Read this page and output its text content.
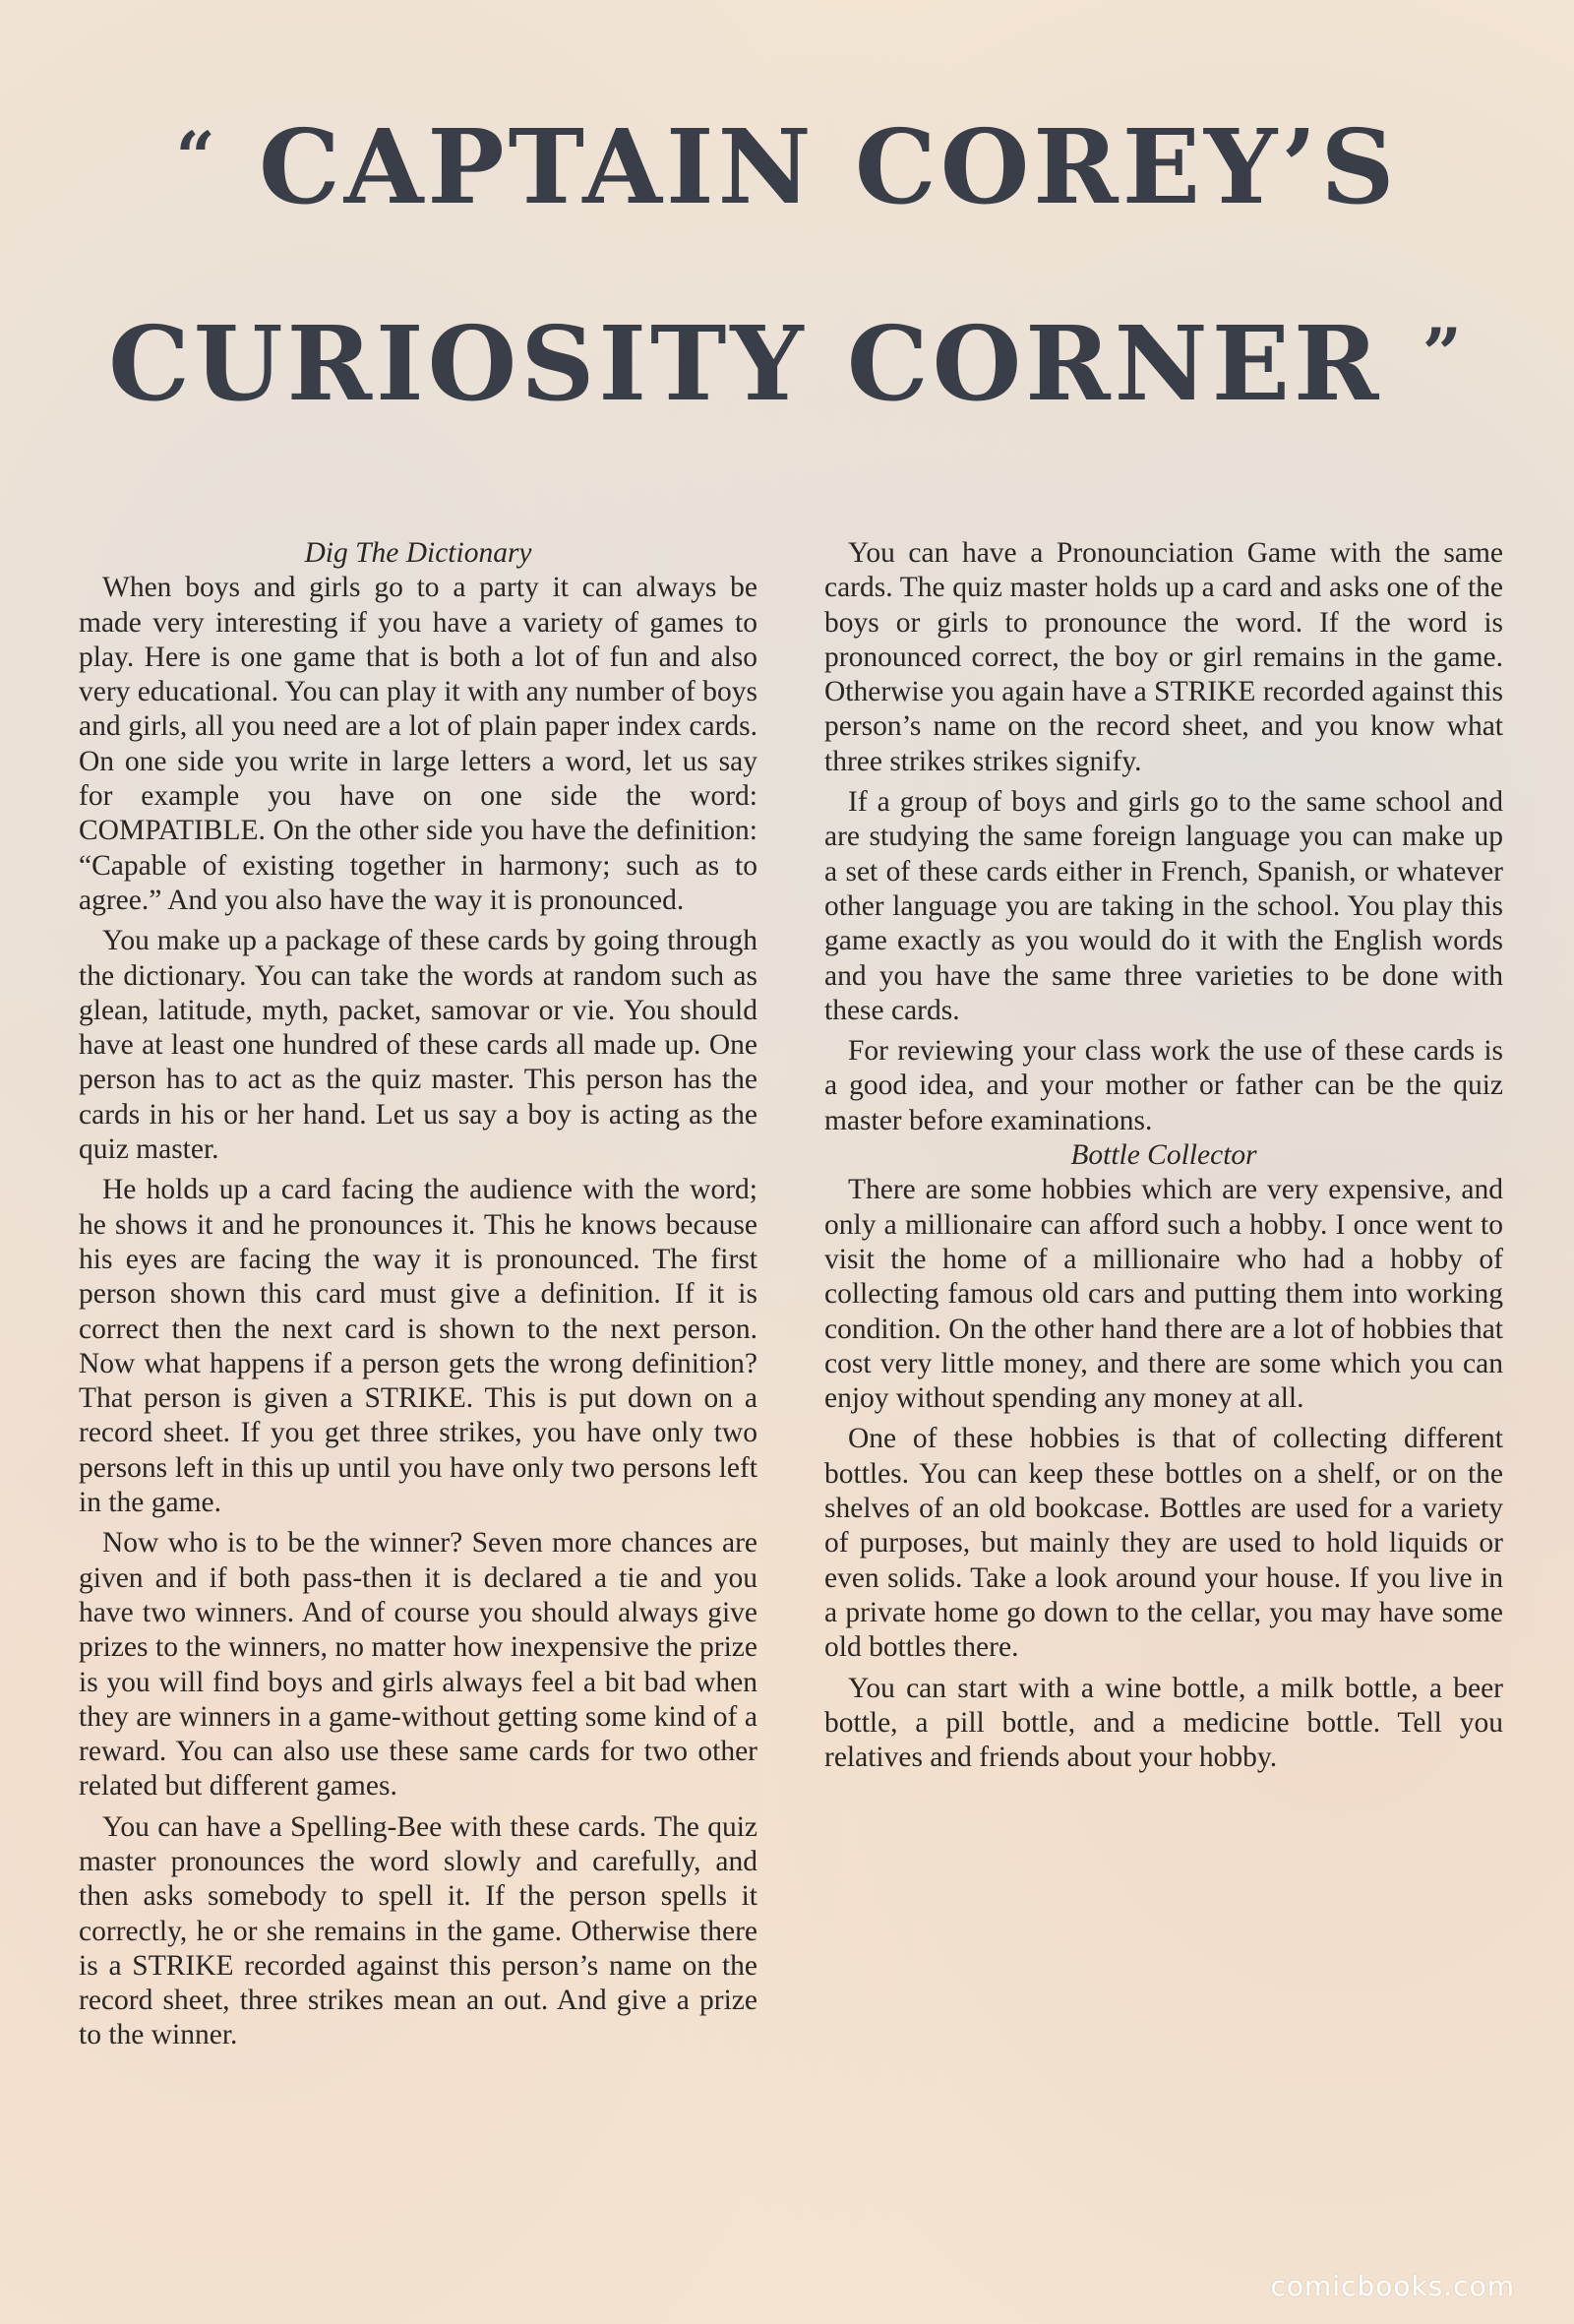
“ CAPTAIN COREY’S
CURIOSITY CORNER ”
Dig The Dictionary

When boys and girls go to a party it can always be made very interesting if you have a variety of games to play. Here is one game that is both a lot of fun and also very educational. You can play it with any number of boys and girls, all you need are a lot of plain paper index cards. On one side you write in large letters a word, let us say for example you have on one side the word: COMPATIBLE. On the other side you have the definition: “Capable of existing together in harmony; such as to agree.” And you also have the way it is pronounced.

You make up a package of these cards by going through the dictionary. You can take the words at random such as glean, latitude, myth, packet, samovar or vie. You should have at least one hundred of these cards all made up. One person has to act as the quiz master. This person has the cards in his or her hand. Let us say a boy is acting as the quiz master.

He holds up a card facing the audience with the word; he shows it and he pronounces it. This he knows because his eyes are facing the way it is pronounced. The first person shown this card must give a definition. If it is correct then the next card is shown to the next person. Now what happens if a person gets the wrong definition? That person is given a STRIKE. This is put down on a record sheet. If you get three strikes, you have only two persons left in this up until you have only two persons left in the game.

Now who is to be the winner? Seven more chances are given and if both pass-then it is declared a tie and you have two winners. And of course you should always give prizes to the winners, no matter how inexpensive the prize is you will find boys and girls always feel a bit bad when they are winners in a game-without getting some kind of a reward. You can also use these same cards for two other related but different games.

You can have a Spelling-Bee with these cards. The quiz master pronounces the word slowly and carefully, and then asks somebody to spell it. If the person spells it correctly, he or she remains in the game. Otherwise there is a STRIKE recorded against this person’s name on the record sheet, three strikes mean an out. And give a prize to the winner.

You can have a Pronounciation Game with the same cards. The quiz master holds up a card and asks one of the boys or girls to pronounce the word. If the word is pronounced correct, the boy or girl remains in the game. Otherwise you again have a STRIKE recorded against this person’s name on the record sheet, and you know what three strikes strikes signify.

If a group of boys and girls go to the same school and are studying the same foreign language you can make up a set of these cards either in French, Spanish, or whatever other language you are taking in the school. You play this game exactly as you would do it with the English words and you have the same three varieties to be done with these cards.

For reviewing your class work the use of these cards is a good idea, and your mother or father can be the quiz master before examinations.

Bottle Collector

There are some hobbies which are very expensive, and only a millionaire can afford such a hobby. I once went to visit the home of a millionaire who had a hobby of collecting famous old cars and putting them into working condition. On the other hand there are a lot of hobbies that cost very little money, and there are some which you can enjoy without spending any money at all.

One of these hobbies is that of collecting different bottles. You can keep these bottles on a shelf, or on the shelves of an old bookcase. Bottles are used for a variety of purposes, but mainly they are used to hold liquids or even solids. Take a look around your house. If you live in a private home go down to the cellar, you may have some old bottles there.

You can start with a wine bottle, a milk bottle, a beer bottle, a pill bottle, and a medicine bottle. Tell you relatives and friends about your hobby.

comicbooks.com
